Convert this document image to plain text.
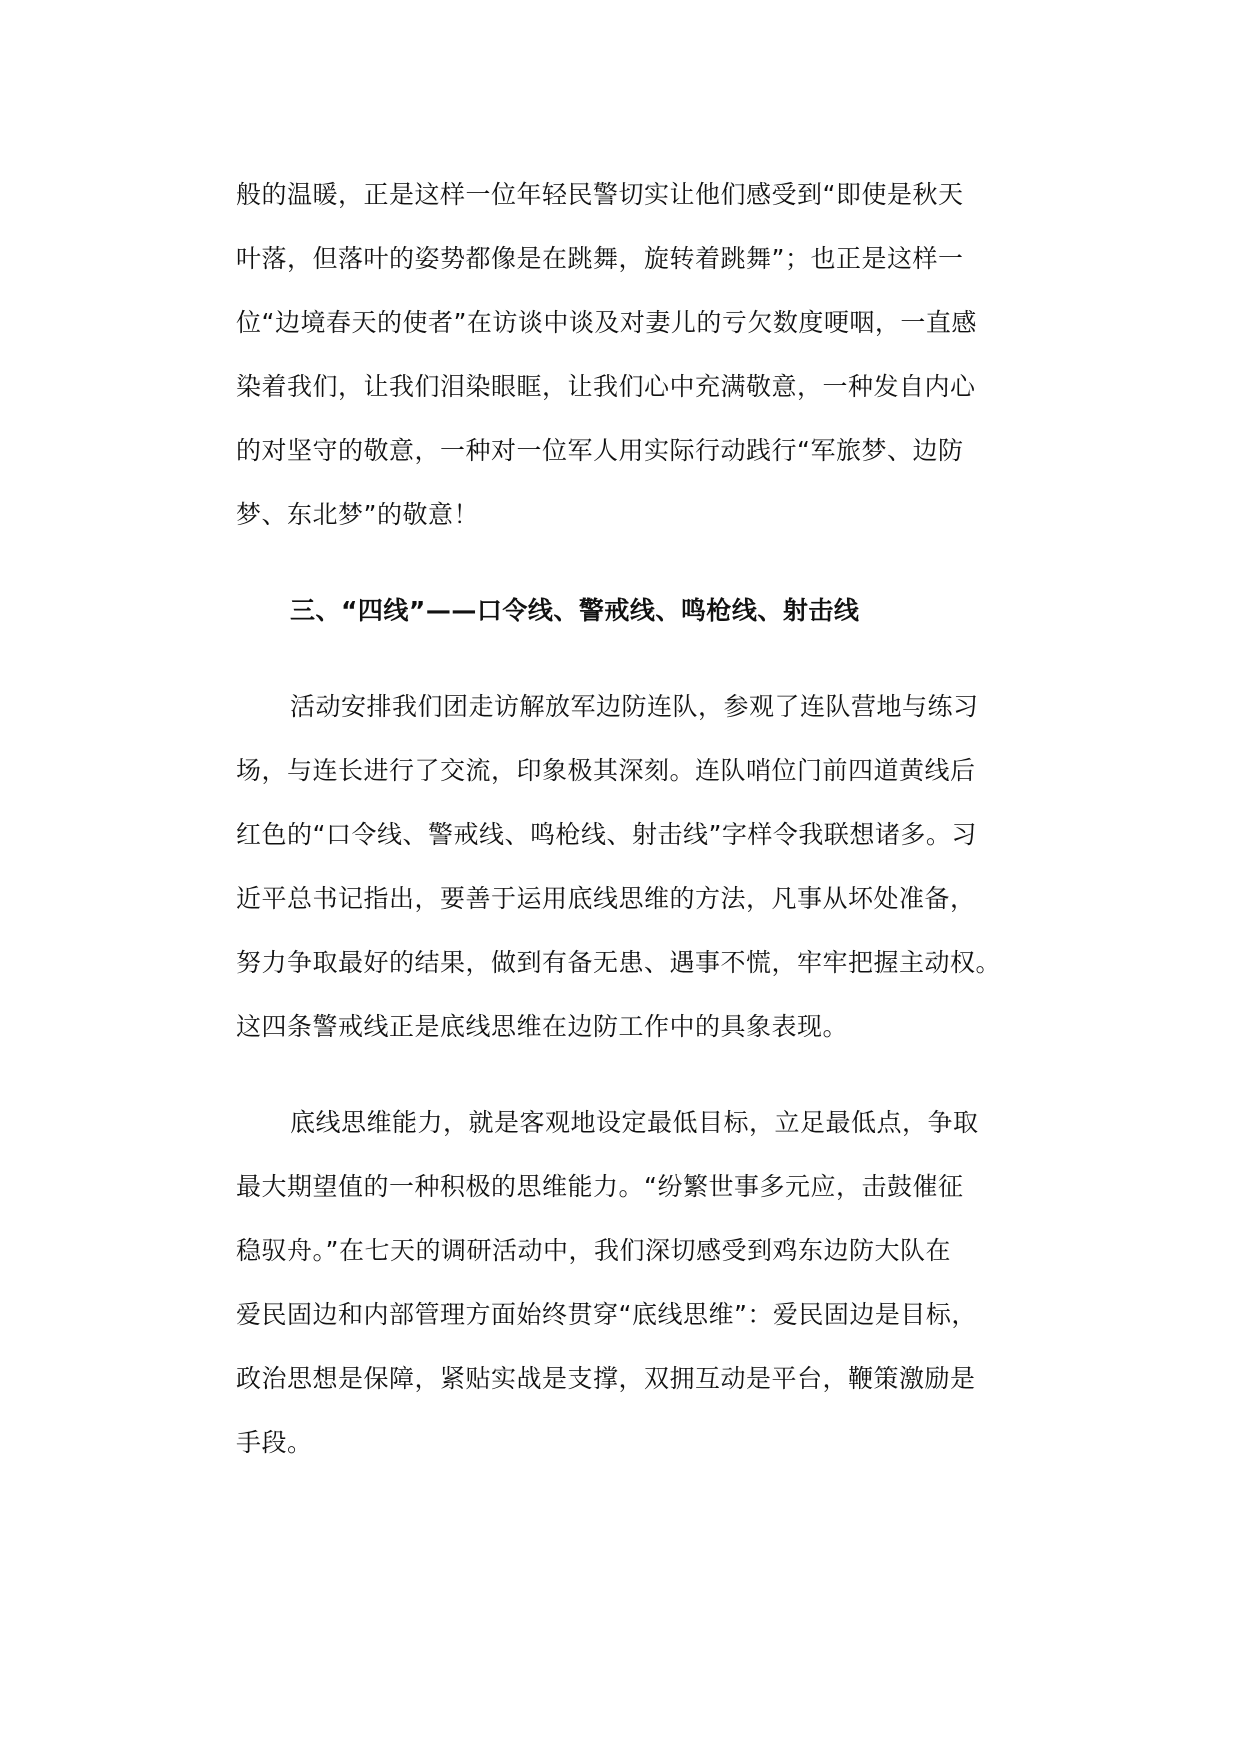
般的温暖，正是这样一位年轻民警切实让他们感受到“即使是秋天

叶落，但落叶的姿势都像是在跳舞，旋转着跳舞”；也正是这样一

位“边境春天的使者”在访谈中谈及对妻儿的亏欠数度哽咽，一直感

染着我们，让我们泪染眼眶，让我们心中充满敬意，一种发自内心

的对坚守的敬意，一种对一位军人用实际行动践行“军旅梦、边防

梦、东北梦”的敬意！

三、“四线”——口令线、警戒线、鸣枪线、射击线

活动安排我们团走访解放军边防连队，参观了连队营地与练习

场，与连长进行了交流，印象极其深刻。连队哨位门前四道黄线后

红色的“口令线、警戒线、鸣枪线、射击线”字样令我联想诸多。习

近平总书记指出，要善于运用底线思维的方法，凡事从坏处准备，

努力争取最好的结果，做到有备无患、遇事不慌，牢牢把握主动权。

这四条警戒线正是底线思维在边防工作中的具象表现。

底线思维能力，就是客观地设定最低目标，立足最低点，争取

最大期望值的一种积极的思维能力。“纷繁世事多元应，击鼓催征

稳驭舟。”在七天的调研活动中，我们深切感受到鸡东边防大队在

爱民固边和内部管理方面始终贯穿“底线思维”：爱民固边是目标，

政治思想是保障，紧贴实战是支撑，双拥互动是平台，鞭策激励是

手段。
